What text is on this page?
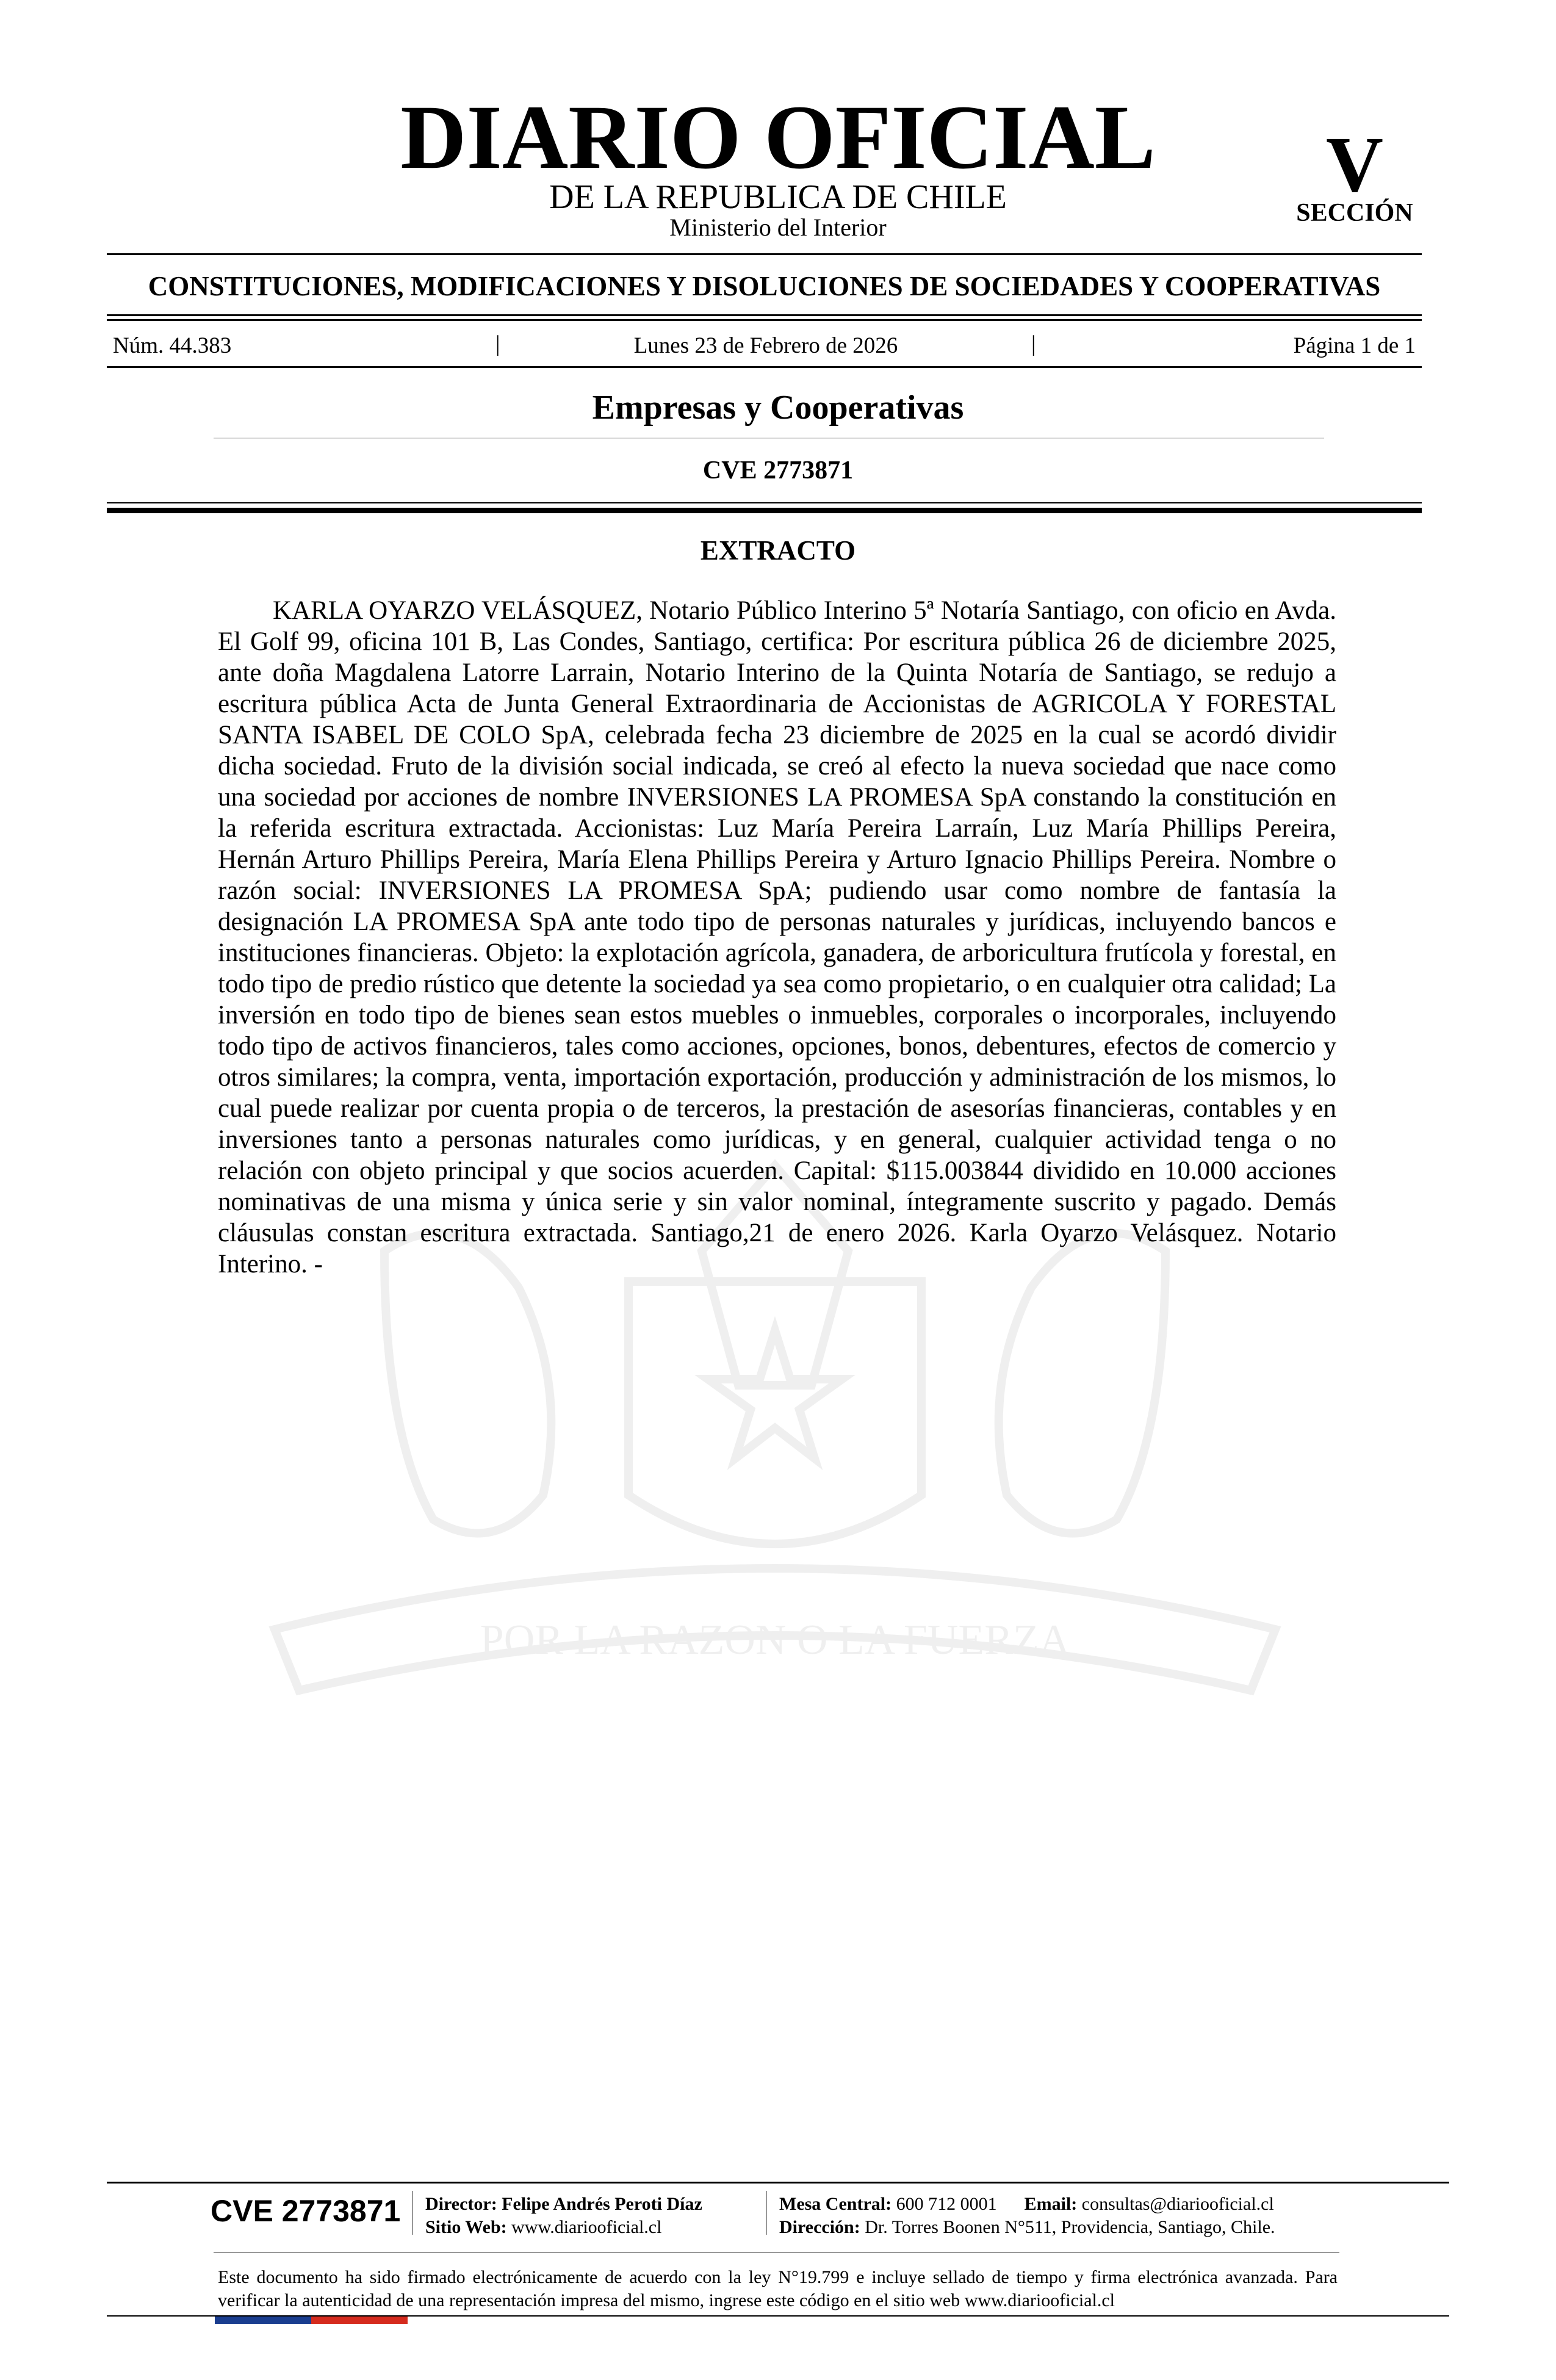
POR LA RAZON O LA FUERZA
DIARIO OFICIAL
DE LA REPUBLICA DE CHILE
Ministerio del Interior
V
SECCIÓN
CONSTITUCIONES, MODIFICACIONES Y DISOLUCIONES DE SOCIEDADES Y COOPERATIVAS
Núm. 44.383	|	Lunes 23 de Febrero de 2026	|	Página 1 de 1
Empresas y Cooperativas
CVE 2773871
EXTRACTO

KARLA OYARZO VELÁSQUEZ, Notario Público Interino 5ª Notaría Santiago, con oficio en Avda. El Golf 99, oficina 101 B, Las Condes, Santiago, certifica: Por escritura pública 26 de diciembre 2025, ante doña Magdalena Latorre Larrain, Notario Interino de la Quinta Notaría de Santiago, se redujo a escritura pública Acta de Junta General Extraordinaria de Accionistas de AGRICOLA Y FORESTAL SANTA ISABEL DE COLO SpA, celebrada fecha 23 diciembre de 2025 en la cual se acordó dividir dicha sociedad. Fruto de la división social indicada, se creó al efecto la nueva sociedad que nace como una sociedad por acciones de nombre INVERSIONES LA PROMESA SpA constando la constitución en la referida escritura extractada. Accionistas: Luz María Pereira Larraín, Luz María Phillips Pereira, Hernán Arturo Phillips Pereira, María Elena Phillips Pereira y Arturo Ignacio Phillips Pereira. Nombre o razón social: INVERSIONES LA PROMESA SpA; pudiendo usar como nombre de fantasía la designación LA PROMESA SpA ante todo tipo de personas naturales y jurídicas, incluyendo bancos e instituciones financieras. Objeto: la explotación agrícola, ganadera, de arboricultura frutícola y forestal, en todo tipo de predio rústico que detente la sociedad ya sea como propietario, o en cualquier otra calidad; La inversión en todo tipo de bienes sean estos muebles o inmuebles, corporales o incorporales, incluyendo todo tipo de activos financieros, tales como acciones, opciones, bonos, debentures, efectos de comercio y otros similares; la compra, venta, importación exportación, producción y administración de los mismos, lo cual puede realizar por cuenta propia o de terceros, la prestación de asesorías financieras, contables y en inversiones tanto a personas naturales como jurídicas, y en general, cualquier actividad tenga o no relación con objeto principal y que socios acuerden. Capital: $115.003844 dividido en 10.000 acciones nominativas de una misma y única serie y sin valor nominal, íntegramente suscrito y pagado. Demás cláusulas constan escritura extractada. Santiago,21 de enero 2026. Karla Oyarzo Velásquez. Notario Interino. -

CVE 2773871 Director: Felipe Andrés Peroti Díaz
Sitio Web: www.diariooficial.cl
Mesa Central: 600 712 0001 Email: consultas@diariooficial.cl
Dirección: Dr. Torres Boonen N°511, Providencia, Santiago, Chile.

Este documento ha sido firmado electrónicamente de acuerdo con la ley N°19.799 e incluye sellado de tiempo y firma electrónica avanzada. Para verificar la autenticidad de una representación impresa del mismo, ingrese este código en el sitio web www.diariooficial.cl
